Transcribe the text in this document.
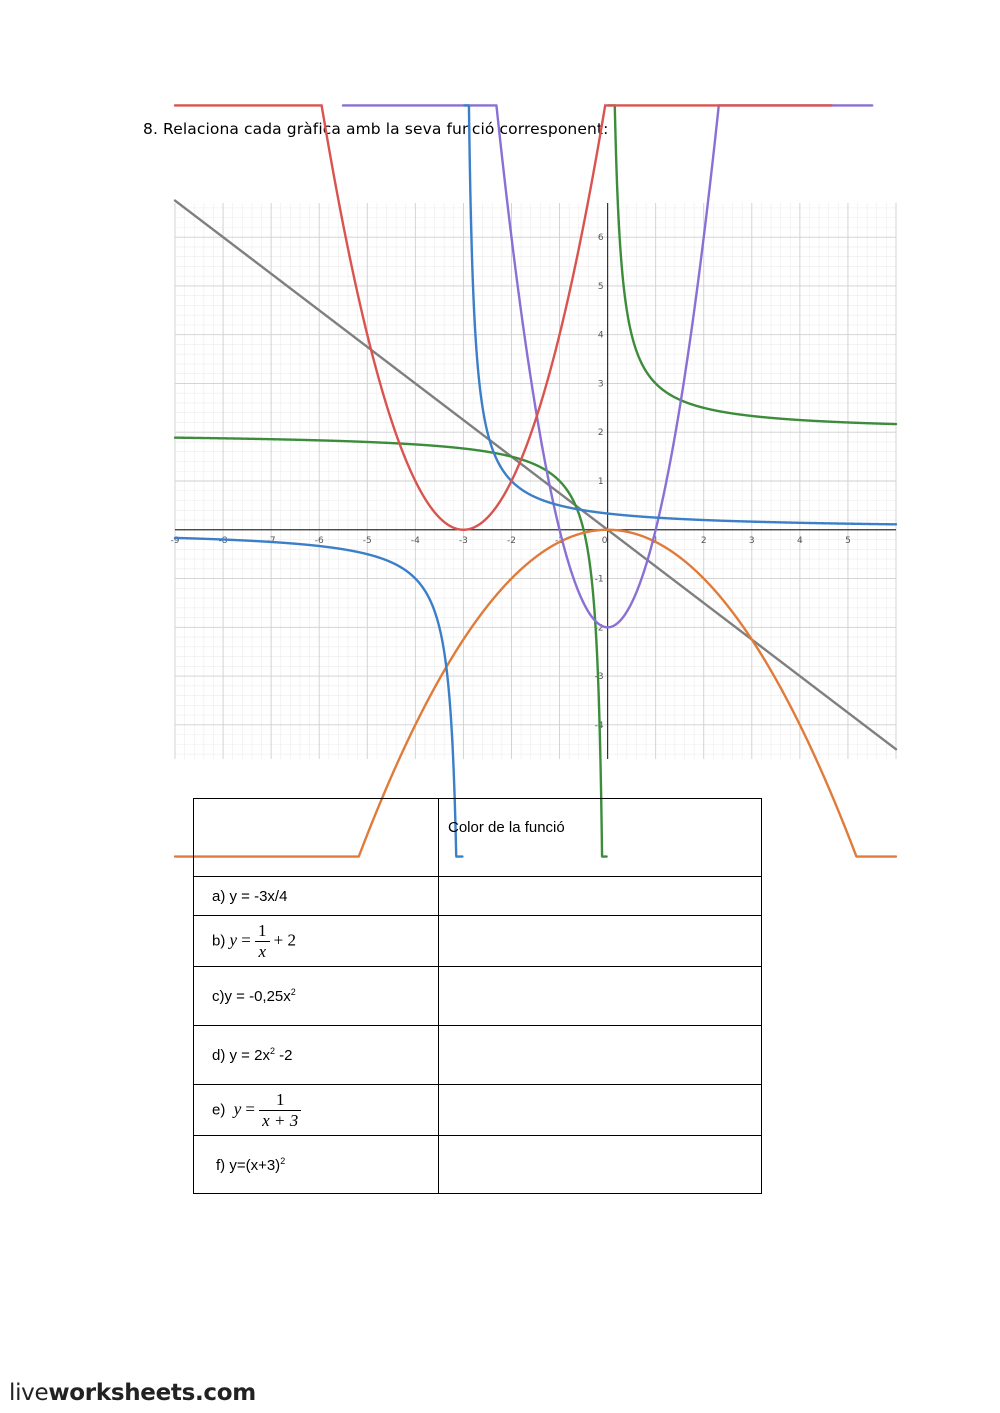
8. Relaciona cada gràfica amb la seva funció corresponent:
-9	-8	-7	-6	-5	-4	-3	-2	-1	0	1	2	3	4	5
-4
-3
-2
-1
1
2
3
4
5
6
	Color de la funció
a) y = -3x/4	
b) $y = \frac{1}{x} + 2$	
$c)y = -0,25x^2$	
d) $y = 2x^2$ -2	
e) $y = \frac{1}{x + 3}$

f) $y=(x+3)^2$	
liveworksheets.com
